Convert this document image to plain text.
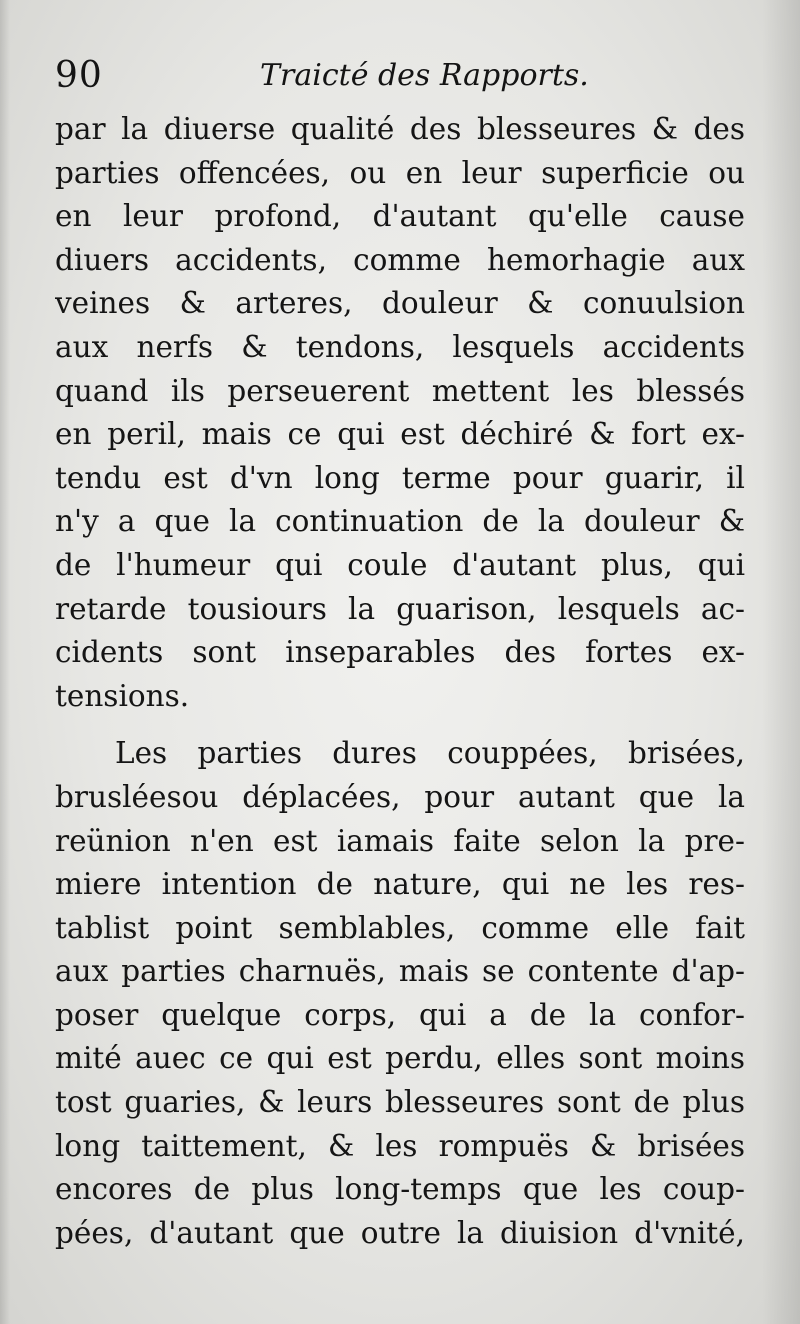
90	Traicté des Rapports.
par la diuerse qualité des blesseures & des
parties offencées, ou en leur superficie ou
en leur profond, d'autant qu'elle cause
diuers accidents, comme hemorhagie aux
veines & arteres, douleur & conuulsion
aux nerfs & tendons, lesquels accidents
quand ils perseuerent mettent les blessés
en peril, mais ce qui est déchiré & fort ex-
tendu est d'vn long terme pour guarir, il
n'y a que la continuation de la douleur &
de l'humeur qui coule d'autant plus, qui
retarde tousiours la guarison, lesquels ac-
cidents sont inseparables des fortes ex-
tensions.
Les parties dures couppées, brisées,
brusléesou déplacées, pour autant que la
reünion n'en est iamais faite selon la pre-
miere intention de nature, qui ne les res-
tablist point semblables, comme elle fait
aux parties charnuës, mais se contente d'ap-
poser quelque corps, qui a de la confor-
mité auec ce qui est perdu, elles sont moins
tost guaries, & leurs blesseures sont de plus
long taittement, & les rompuës & brisées
encores de plus long-temps que les coup-
pées, d'autant que outre la diuision d'vnité,
